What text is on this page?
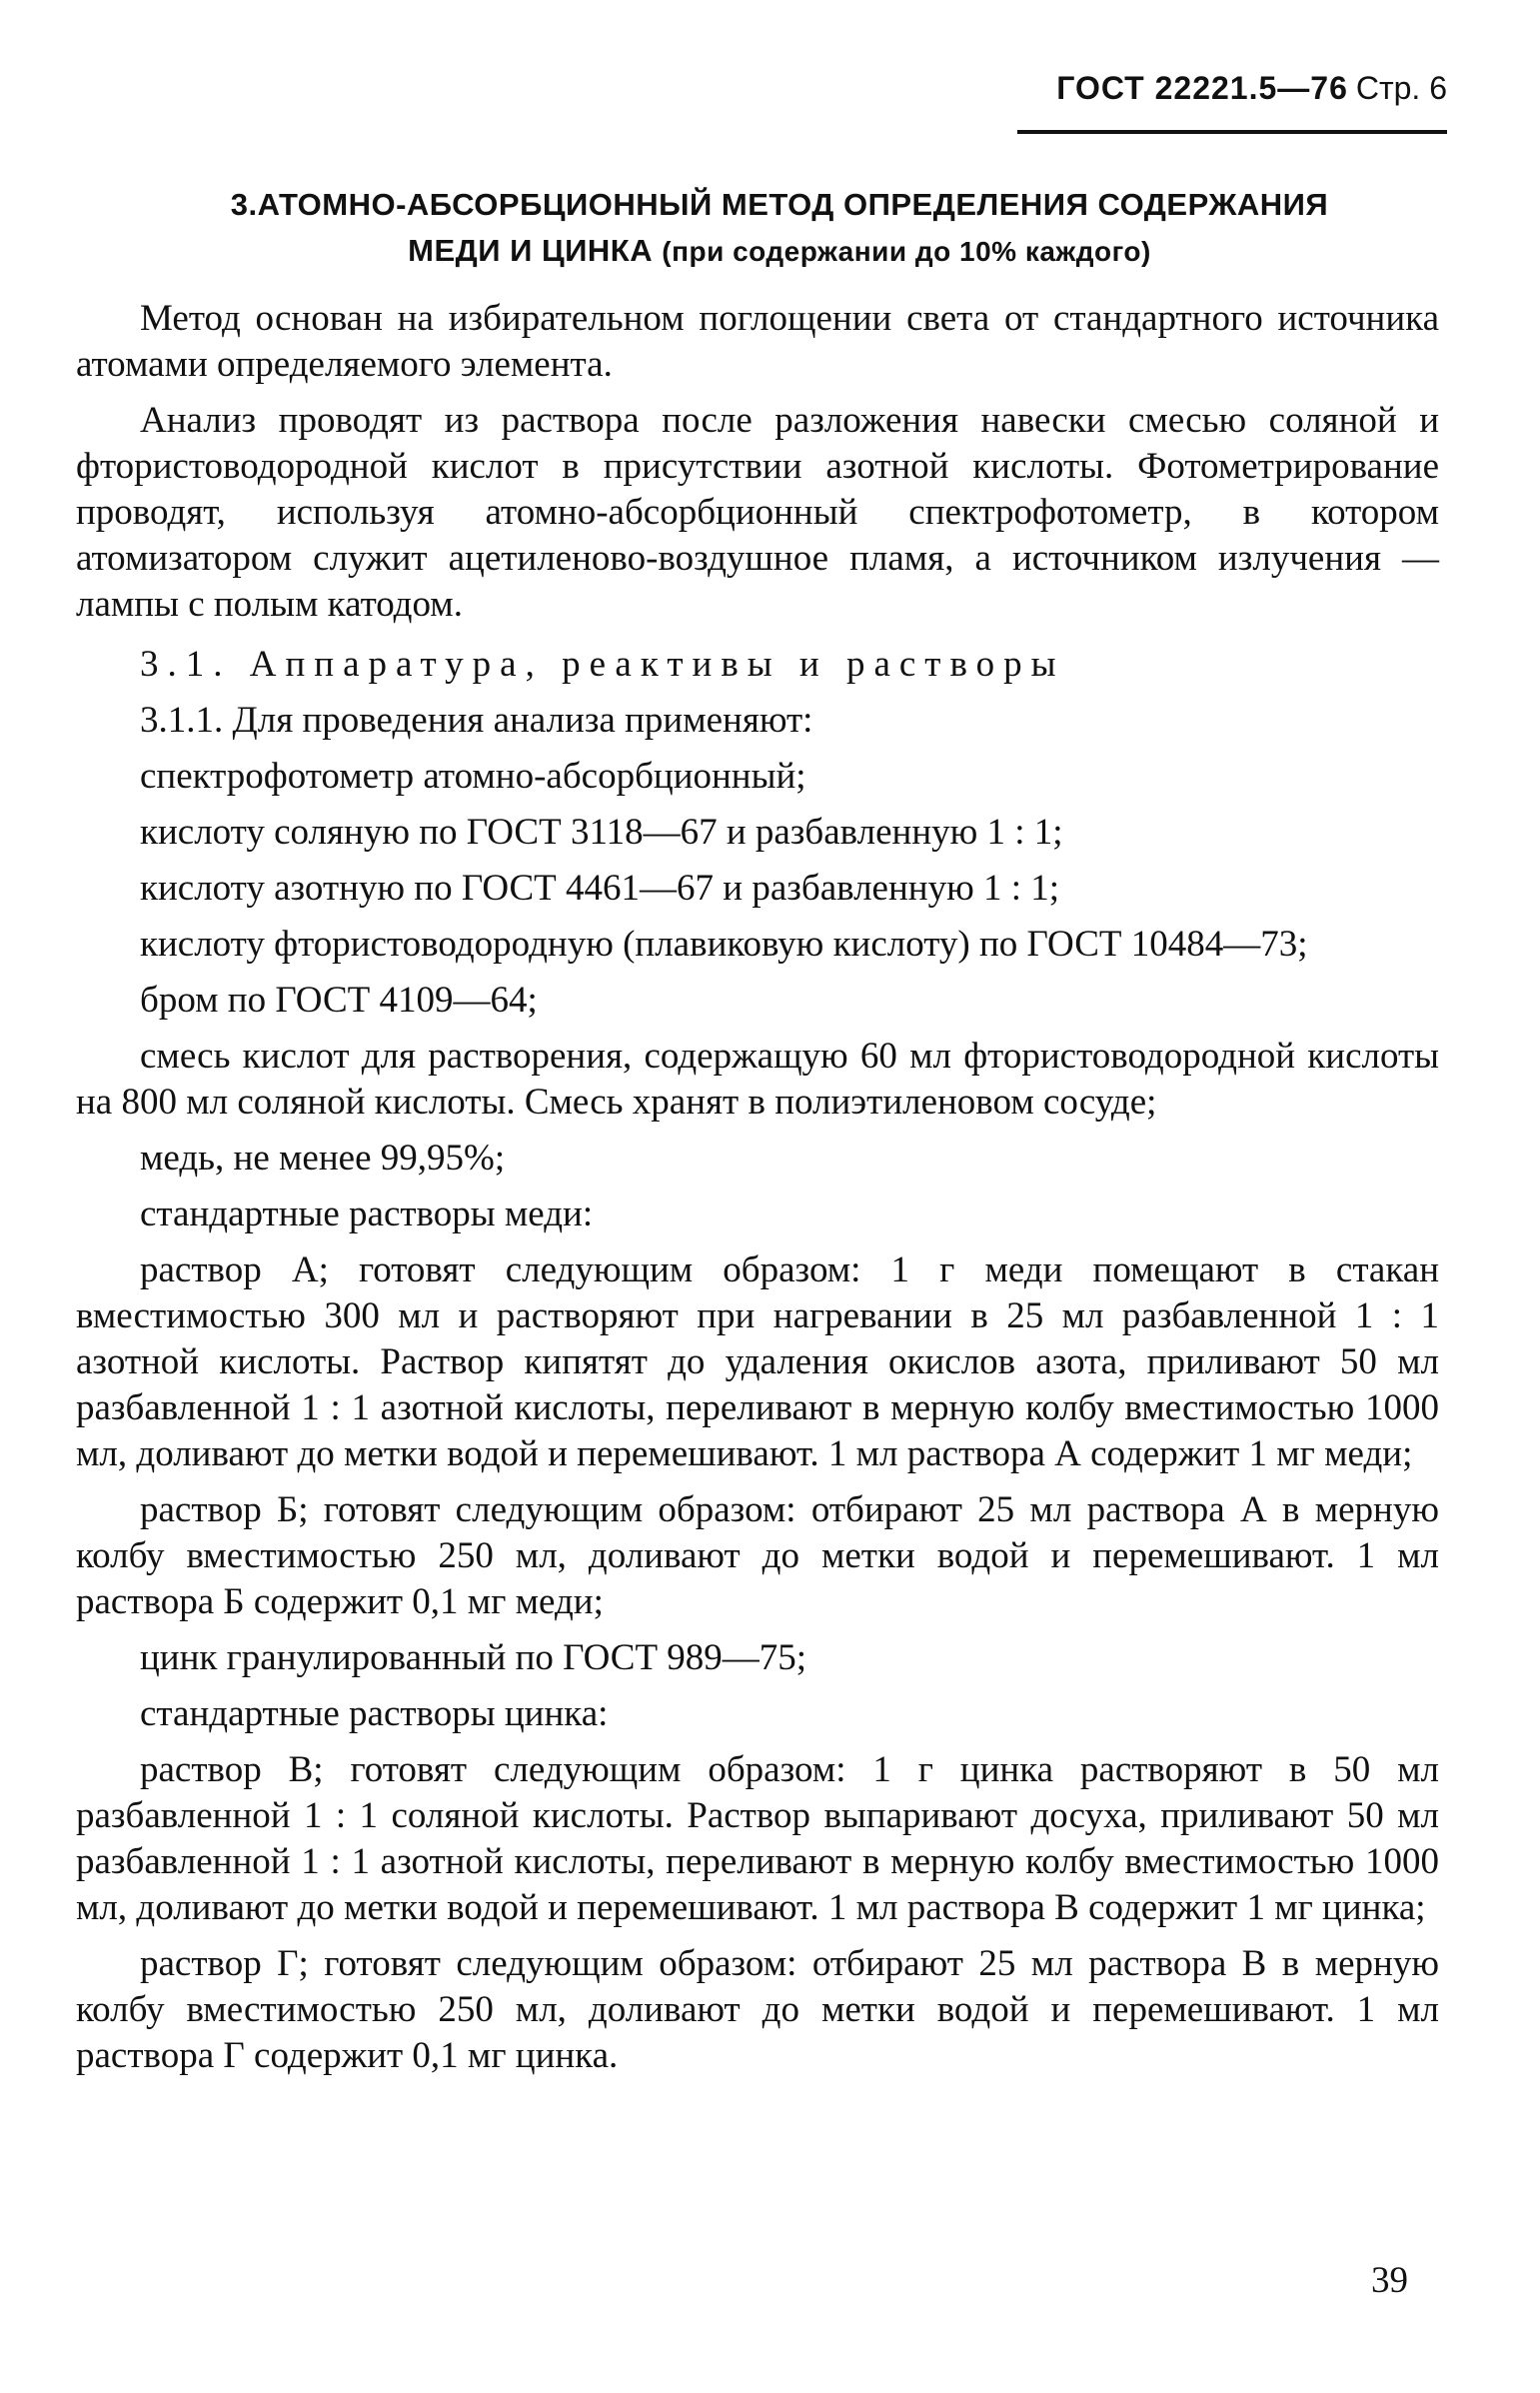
ГОСТ 22221.5—76 Стр. 6
3.АТОМНО-АБСОРБЦИОННЫЙ МЕТОД ОПРЕДЕЛЕНИЯ СОДЕРЖАНИЯ
МЕДИ И ЦИНКА (при содержании до 10% каждого)

Метод основан на избирательном поглощении света от стандартного источника атомами определяемого элемента.

Анализ проводят из раствора после разложения навески смесью соляной и фтористоводородной кислот в присутствии азотной кислоты. Фотометрирование проводят, используя атомно-абсорбционный спектрофотометр, в котором атомизатором служит ацетиленово-воздушное пламя, а источником излучения — лампы с полым катодом.

3.1. Аппаратура, реактивы и растворы

3.1.1. Для проведения анализа применяют:

спектрофотометр атомно-абсорбционный;

кислоту соляную по ГОСТ 3118—67 и разбавленную 1 : 1;

кислоту азотную по ГОСТ 4461—67 и разбавленную 1 : 1;

кислоту фтористоводородную (плавиковую кислоту) по ГОСТ 10484—73;

бром по ГОСТ 4109—64;

смесь кислот для растворения, содержащую 60 мл фтористоводородной кислоты на 800 мл соляной кислоты. Смесь хранят в полиэтиленовом сосуде;

медь, не менее 99,95%;

стандартные растворы меди:

раствор А; готовят следующим образом: 1 г меди помещают в стакан вместимостью 300 мл и растворяют при нагревании в 25 мл разбавленной 1 : 1 азотной кислоты. Раствор кипятят до удаления окислов азота, приливают 50 мл разбавленной 1 : 1 азотной кислоты, переливают в мерную колбу вместимостью 1000 мл, доливают до метки водой и перемешивают. 1 мл раствора А содержит 1 мг меди;

раствор Б; готовят следующим образом: отбирают 25 мл раствора А в мерную колбу вместимостью 250 мл, доливают до метки водой и перемешивают. 1 мл раствора Б содержит 0,1 мг меди;

цинк гранулированный по ГОСТ 989—75;

стандартные растворы цинка:

раствор В; готовят следующим образом: 1 г цинка растворяют в 50 мл разбавленной 1 : 1 соляной кислоты. Раствор выпаривают досуха, приливают 50 мл разбавленной 1 : 1 азотной кислоты, переливают в мерную колбу вместимостью 1000 мл, доливают до метки водой и перемешивают. 1 мл раствора В содержит 1 мг цинка;

раствор Г; готовят следующим образом: отбирают 25 мл раствора В в мерную колбу вместимостью 250 мл, доливают до метки водой и перемешивают. 1 мл раствора Г содержит 0,1 мг цинка.

39
